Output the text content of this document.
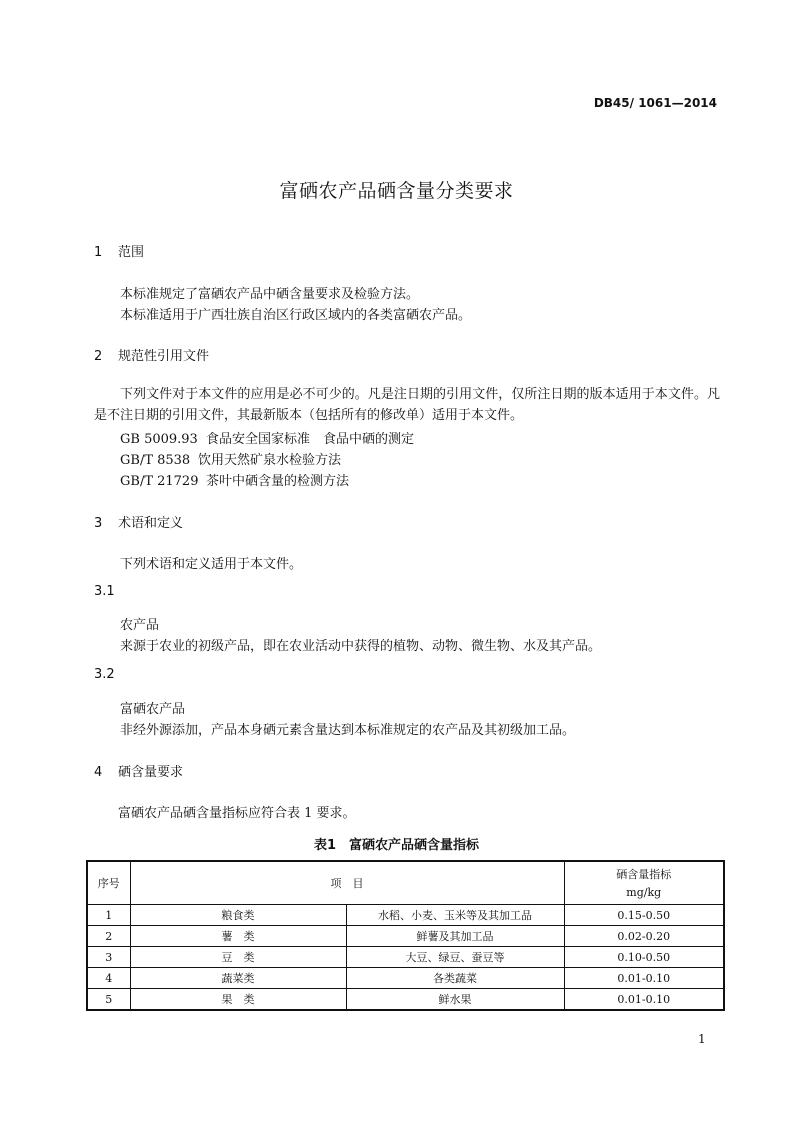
DB45/ 1061—2014
富硒农产品硒含量分类要求
1 范围
本标准规定了富硒农产品中硒含量要求及检验方法。
本标准适用于广西壮族自治区行政区域内的各类富硒农产品。
2 规范性引用文件
下列文件对于本文件的应用是必不可少的。凡是注日期的引用文件，仅所注日期的版本适用于本文件。凡是不注日期的引用文件，其最新版本（包括所有的修改单）适用于本文件。
GB 5009.93 食品安全国家标准　食品中硒的测定
GB/T 8538 饮用天然矿泉水检验方法
GB/T 21729 茶叶中硒含量的检测方法
3 术语和定义
下列术语和定义适用于本文件。
3.1
农产品
来源于农业的初级产品，即在农业活动中获得的植物、动物、微生物、水及其产品。
3.2
富硒农产品
非经外源添加，产品本身硒元素含量达到本标准规定的农产品及其初级加工品。
4 硒含量要求
富硒农产品硒含量指标应符合表 1 要求。
表1　富硒农产品硒含量指标
序号	项　目		硒含量指标
mg/kg

1	粮食类	水稻、小麦、玉米等及其加工品	0.15-0.50
2	薯　类	鲜薯及其加工品	0.02-0.20
3	豆　类	大豆、绿豆、蚕豆等	0.10-0.50
4	蔬菜类	各类蔬菜	0.01-0.10
5	果　类	鲜水果	0.01-0.10
1
